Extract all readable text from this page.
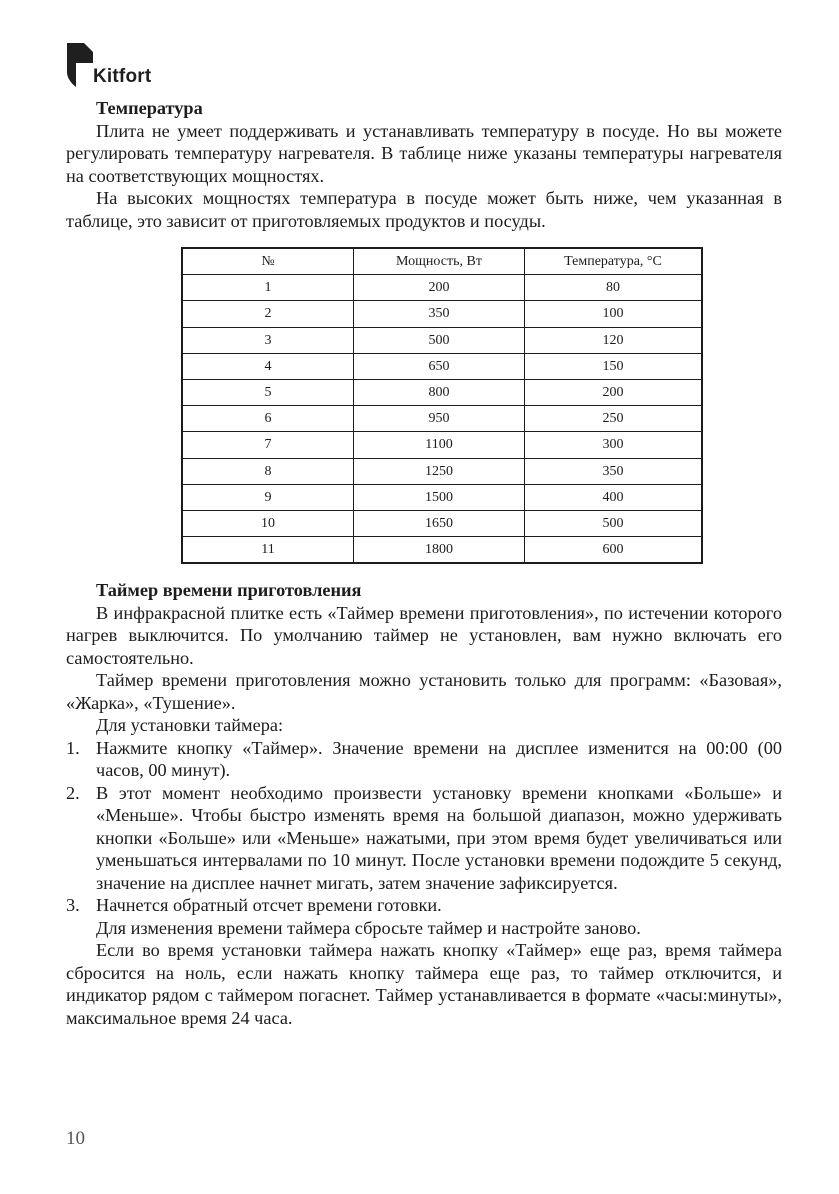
Kitfort
Температура
Плита не умеет поддерживать и устанавливать температуру в посуде. Но вы можете регулировать температуру нагревателя. В таблице ниже указаны температуры нагревателя на соответствующих мощностях.
На высоких мощностях температура в посуде может быть ниже, чем указанная в таблице, это зависит от приготовляемых продуктов и посуды.
№	Мощность, Вт	Температура, °С
1	200	80
2	350	100
3	500	120
4	650	150
5	800	200
6	950	250
7	1100	300
8	1250	350
9	1500	400
10	1650	500
11	1800	600
Таймер времени приготовления
В инфракрасной плитке есть «Таймер времени приготовления», по истечении которого нагрев выключится. По умолчанию таймер не установлен, вам нужно включать его самостоятельно.
Таймер времени приготовления можно установить только для программ: «Базовая», «Жарка», «Тушение».
Для установки таймера:
1. Нажмите кнопку «Таймер». Значение времени на дисплее изменится на 00:00 (00 часов, 00 минут).
2. В этот момент необходимо произвести установку времени кнопками «Больше» и «Меньше». Чтобы быстро изменять время на большой диапазон, можно удерживать кнопки «Больше» или «Меньше» нажатыми, при этом время будет увеличиваться или уменьшаться интервалами по 10 минут. После установки времени подождите 5 секунд, значение на дисплее начнет мигать, затем значение зафиксируется.
3. Начнется обратный отсчет времени готовки.
Для изменения времени таймера сбросьте таймер и настройте заново.
Если во время установки таймера нажать кнопку «Таймер» еще раз, время таймера сбросится на ноль, если нажать кнопку таймера еще раз, то таймер отключится, и индикатор рядом с таймером погаснет. Таймер устанавливается в формате «часы:минуты», максимальное время 24 часа.
10
